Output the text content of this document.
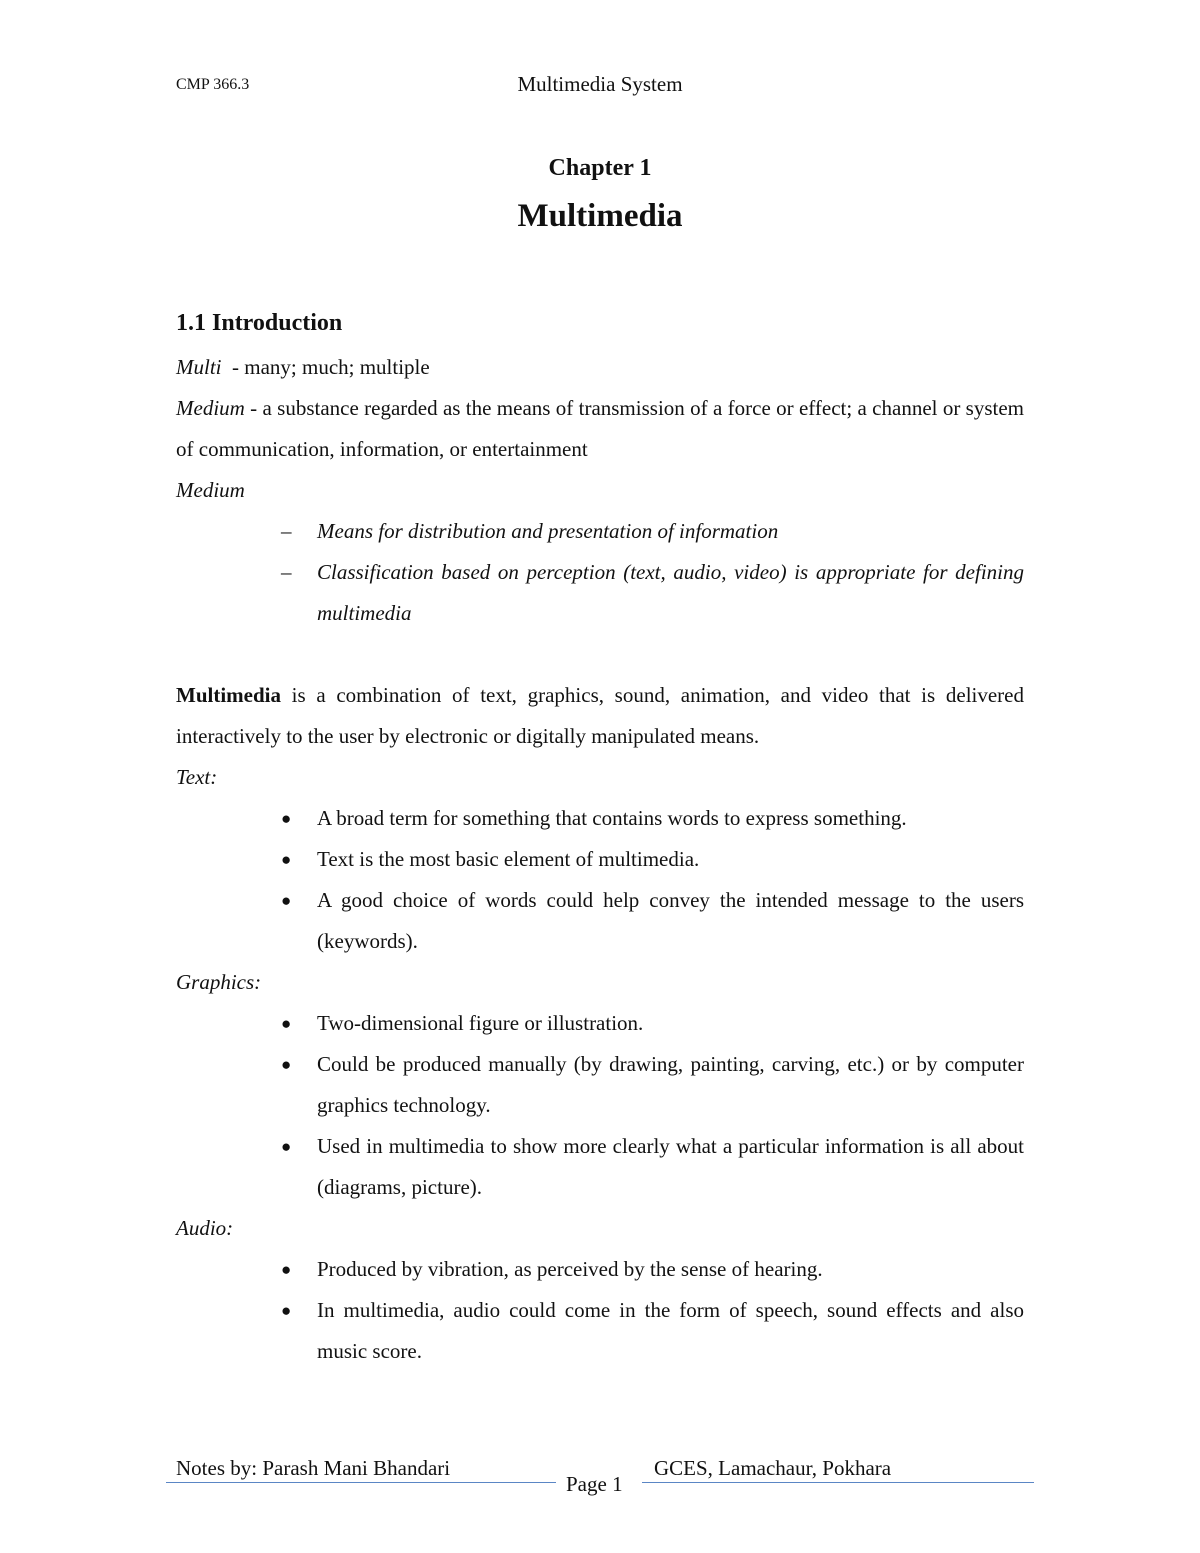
CMP 366.3	Multimedia System
Chapter 1
Multimedia
1.1 Introduction

Multi  - many; much; multiple

Medium - a substance regarded as the means of transmission of a force or effect; a channel or system of communication, information, or entertainment

Medium

– Means for distribution and presentation of information
– Classification based on perception (text, audio, video) is appropriate for defining multimedia

Multimedia is a combination of text, graphics, sound, animation, and video that is delivered interactively to the user by electronic or digitally manipulated means.

Text:

● A broad term for something that contains words to express something.
● Text is the most basic element of multimedia.
● A good choice of words could help convey the intended message to the users (keywords).

Graphics:

● Two-dimensional figure or illustration.
● Could be produced manually (by drawing, painting, carving, etc.) or by computer graphics technology.
● Used in multimedia to show more clearly what a particular information is all about (diagrams, picture).

Audio:

● Produced by vibration, as perceived by the sense of hearing.
● In multimedia, audio could come in the form of speech, sound effects and also music score.
Notes by: Parash Mani Bhandari
Page 1
GCES, Lamachaur, Pokhara
